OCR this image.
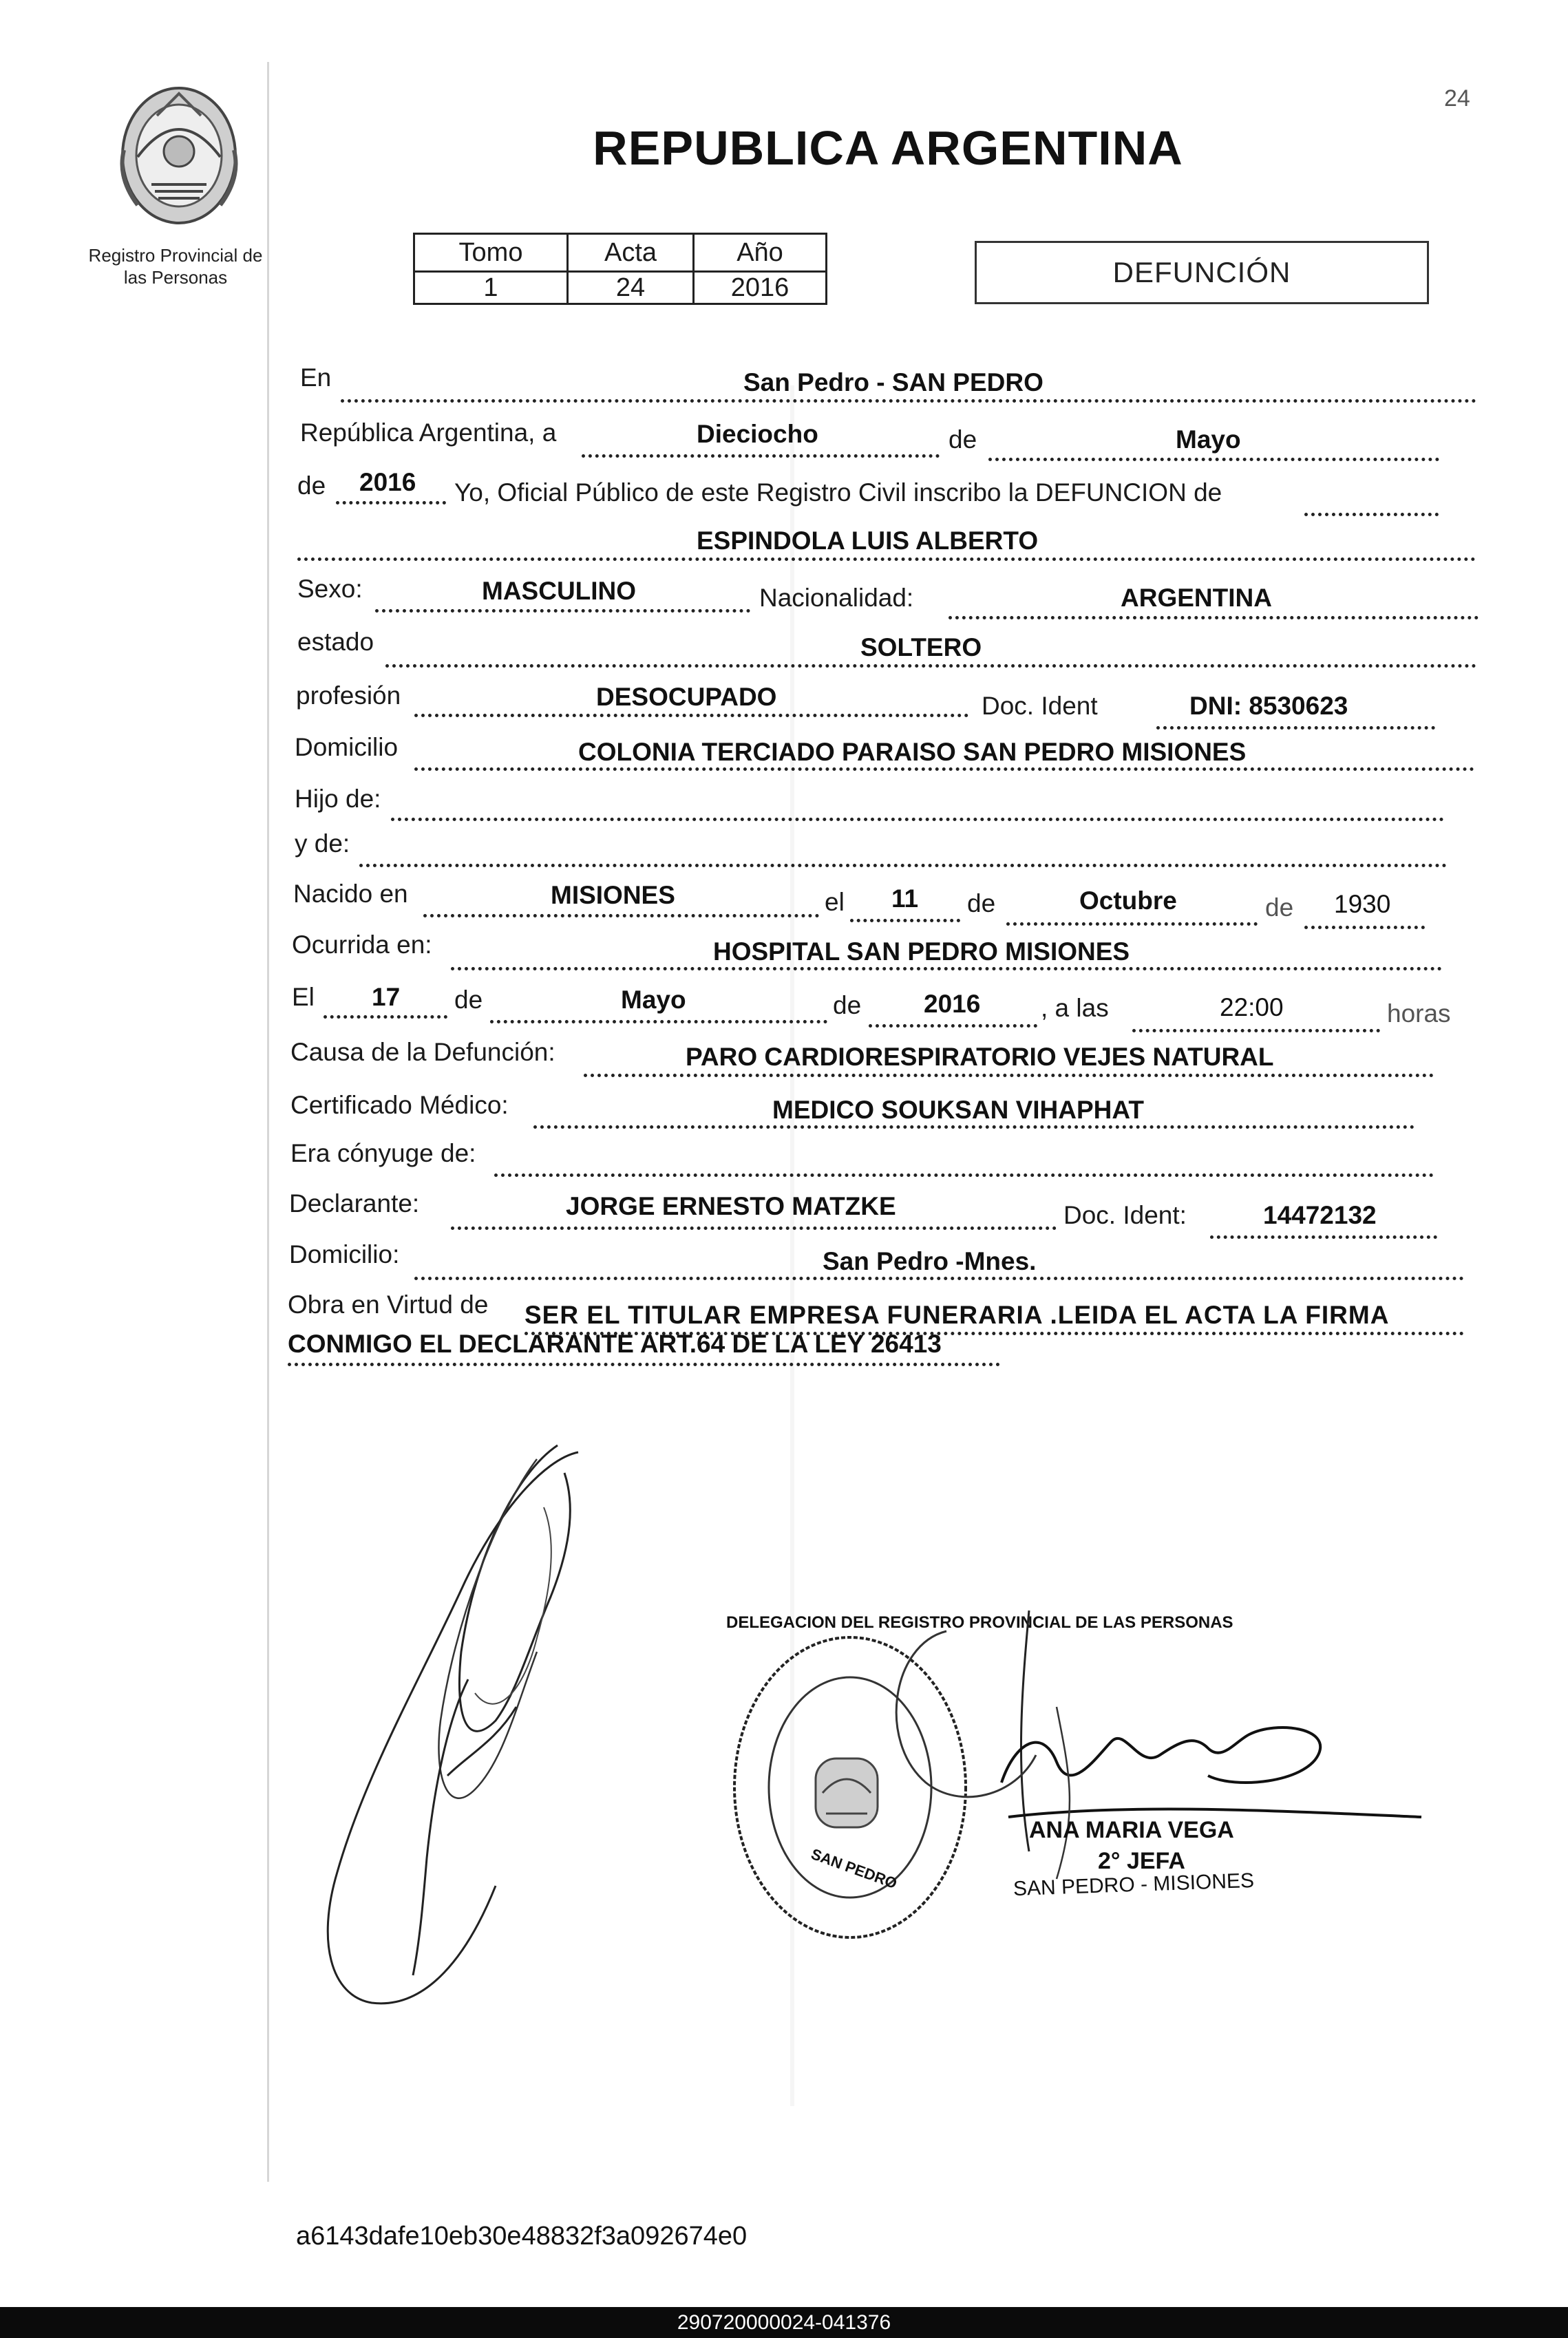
24
Registro Provincial de
las Personas
REPUBLICA ARGENTINA
Tomo	Acta	Año
1	24	2016	DEFUNCIÓN
En	San Pedro - SAN PEDRO
República Argentina, a	Dieciocho	de	Mayo
de 2016 Yo, Oficial Público de este Registro Civil inscribo la DEFUNCION de
ESPINDOLA LUIS ALBERTO
Sexo:	MASCULINO	Nacionalidad:	ARGENTINA
estado	SOLTERO
profesión	DESOCUPADO	Doc. Ident	DNI: 8530623
Domicilio	COLONIA TERCIADO PARAISO SAN PEDRO MISIONES
Hijo de:
y de:
Nacido en	MISIONES	el 11 de	Octubre	de 1930
Ocurrida en:	HOSPITAL SAN PEDRO MISIONES
El 17 de	Mayo	de 2016 , a las	22:00	horas
Causa de la Defunción:	PARO CARDIORESPIRATORIO VEJES NATURAL
Certificado Médico:	MEDICO SOUKSAN VIHAPHAT
Era cónyuge de:
Declarante:	JORGE ERNESTO MATZKE	Doc. Ident:	14472132
Domicilio:	San Pedro -Mnes.
Obra en Virtud de SER EL TITULAR EMPRESA FUNERARIA .LEIDA EL ACTA LA FIRMA
CONMIGO EL DECLARANTE ART.64 DE LA LEY 26413
DELEGACION DEL REGISTRO PROVINCIAL DE LAS PERSONAS
SAN PEDRO
ANA MARIA VEGA
2° JEFA
SAN PEDRO - MISIONES
a6143dafe10eb30e48832f3a092674e0
290720000024-041376
